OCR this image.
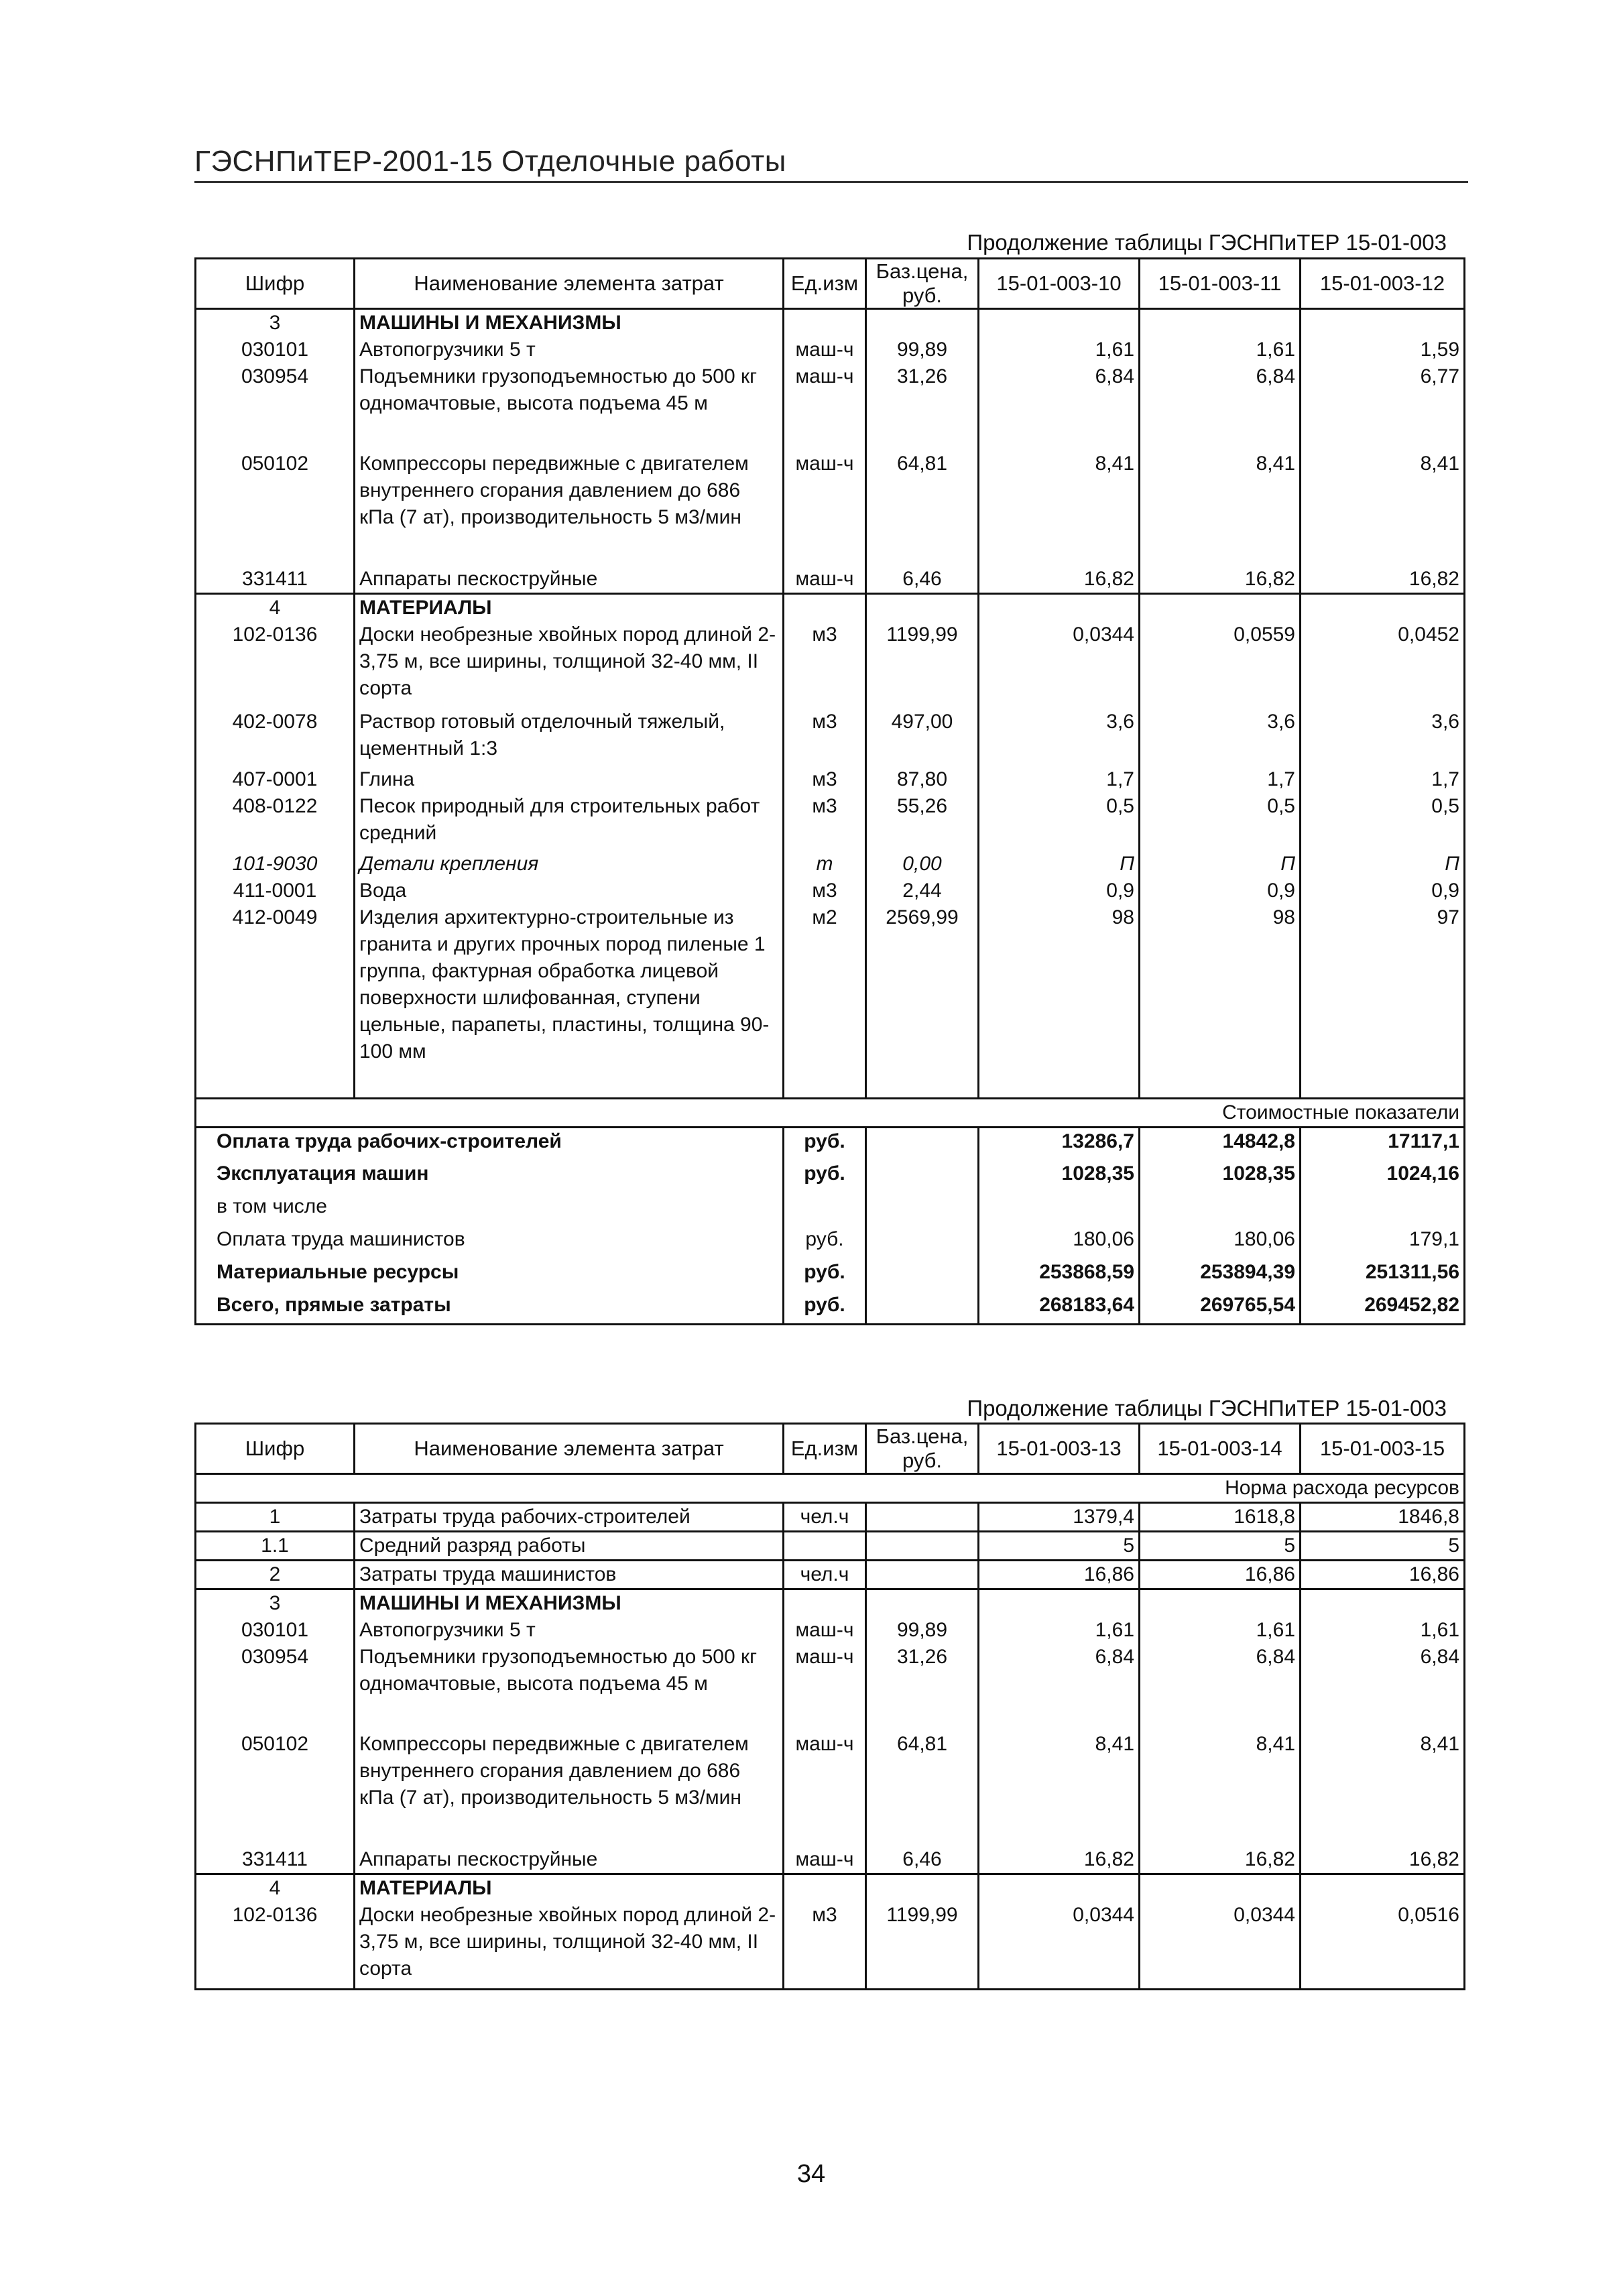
ГЭСНПиТЕР-2001-15 Отделочные работы
Продолжение таблицы ГЭСНПиТЕР 15-01-003
Шифр	Наименование элемента затрат	Ед.изм	Баз.цена, руб.	15-01-003-10	15-01-003-11	15-01-003-12
3	МАШИНЫ И МЕХАНИЗМЫ					
030101	Автопогрузчики 5 т	маш-ч	99,89	1,61	1,61	1,59
030954	Подъемники грузоподъемностью до 500 кг одномачтовые, высота подъема 45 м	маш-ч	31,26	6,84	6,84	6,77
050102	Компрессоры передвижные с двигателем внутреннего сгорания давлением до 686 кПа (7 ат), производительность 5 м3/мин	маш-ч	64,81	8,41	8,41	8,41
331411	Аппараты пескоструйные	маш-ч	6,46	16,82	16,82	16,82
4	МАТЕРИАЛЫ					
102-0136	Доски необрезные хвойных пород длиной 2-3,75 м, все ширины, толщиной 32-40 мм, II сорта	м3	1199,99	0,0344	0,0559	0,0452
402-0078	Раствор готовый отделочный тяжелый, цементный 1:3	м3	497,00	3,6	3,6	3,6
407-0001	Глина	м3	87,80	1,7	1,7	1,7
408-0122	Песок природный для строительных работ средний	м3	55,26	0,5	0,5	0,5
101-9030	Детали крепления	т	0,00	П	П	П
411-0001	Вода	м3	2,44	0,9	0,9	0,9
412-0049	Изделия архитектурно-строительные из гранита и других прочных пород пиленые 1 группа, фактурная обработка лицевой поверхности шлифованная, ступени цельные, парапеты, пластины, толщина 90-100 мм	м2	2569,99	98	98	97

Стоимостные показатели						
Оплата труда рабочих-строителей		руб.		13286,7	14842,8	17117,1
Эксплуатация машин		руб.		1028,35	1028,35	1024,16
в том числе						
Оплата труда машинистов		руб.		180,06	180,06	179,1
Материальные ресурсы		руб.		253868,59	253894,39	251311,56
Всего, прямые затраты		руб.		268183,64	269765,54	269452,82
Продолжение таблицы ГЭСНПиТЕР 15-01-003
Шифр	Наименование элемента затрат	Ед.изм	Баз.цена, руб.	15-01-003-13	15-01-003-14	15-01-003-15
Норма расхода ресурсов						
1	Затраты труда рабочих-строителей	чел.ч		1379,4	1618,8	1846,8
1.1	Средний разряд работы			5	5	5
2	Затраты труда машинистов	чел.ч		16,86	16,86	16,86
3	МАШИНЫ И МЕХАНИЗМЫ					
030101	Автопогрузчики 5 т	маш-ч	99,89	1,61	1,61	1,61
030954	Подъемники грузоподъемностью до 500 кг одномачтовые, высота подъема 45 м	маш-ч	31,26	6,84	6,84	6,84
050102	Компрессоры передвижные с двигателем внутреннего сгорания давлением до 686 кПа (7 ат), производительность 5 м3/мин	маш-ч	64,81	8,41	8,41	8,41
331411	Аппараты пескоструйные	маш-ч	6,46	16,82	16,82	16,82
4	МАТЕРИАЛЫ					
102-0136	Доски необрезные хвойных пород длиной 2-3,75 м, все ширины, толщиной 32-40 мм, II сорта	м3	1199,99	0,0344	0,0344	0,0516
34
